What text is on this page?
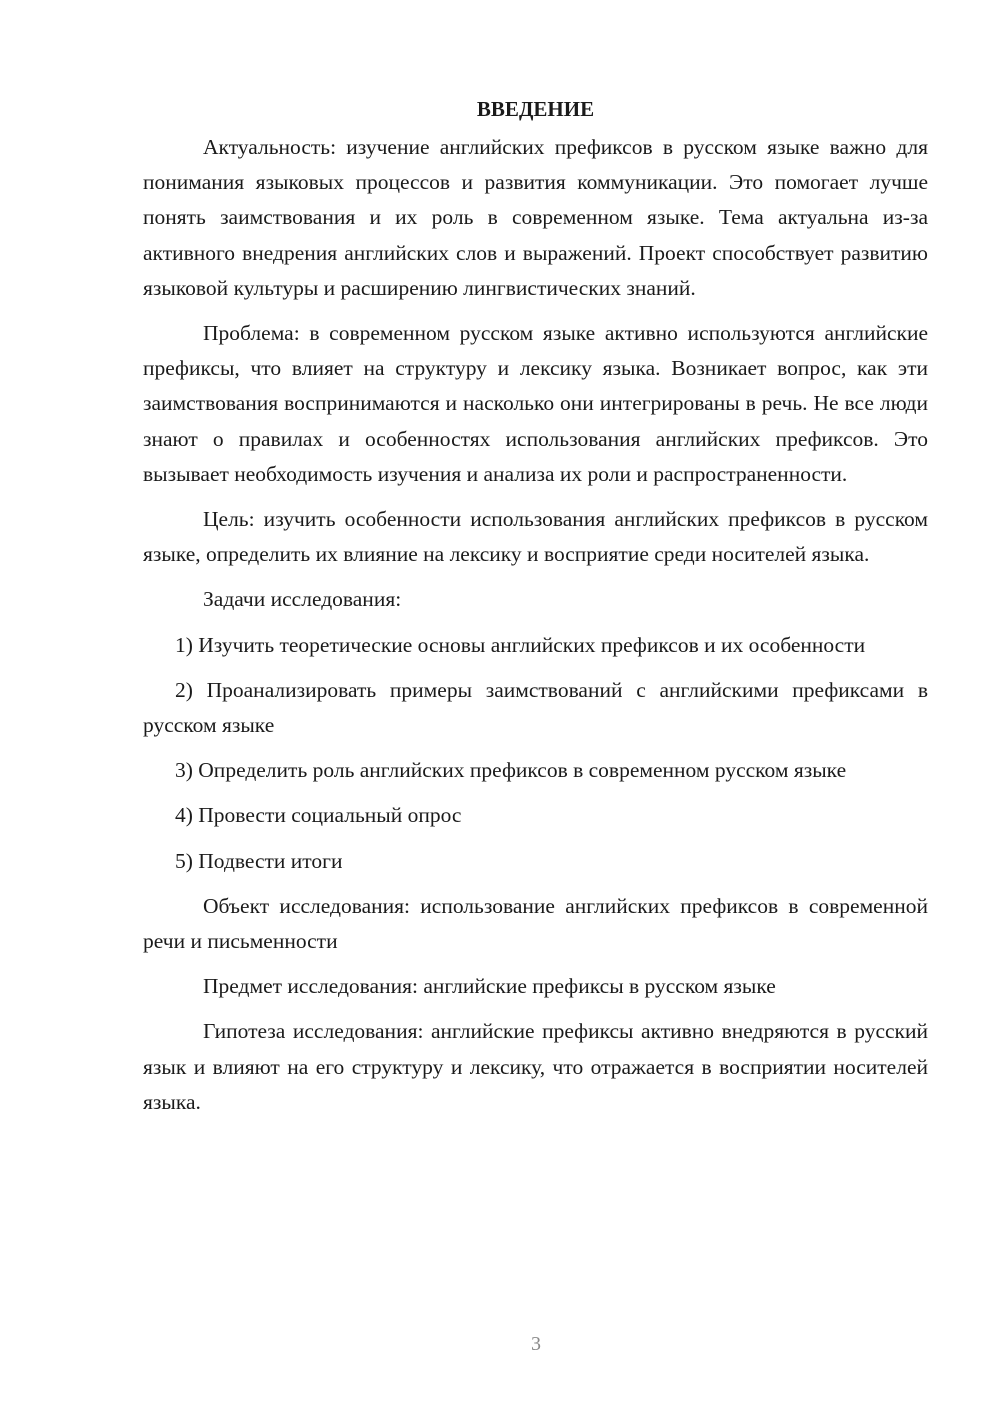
ВВЕДЕНИЕ

Актуальность: изучение английских префиксов в русском языке важно для понимания языковых процессов и развития коммуникации. Это помогает лучше понять заимствования и их роль в современном языке. Тема актуальна из-за активного внедрения английских слов и выражений. Проект способствует развитию языковой культуры и расширению лингвистических знаний.

Проблема: в современном русском языке активно используются английские префиксы, что влияет на структуру и лексику языка. Возникает вопрос, как эти заимствования воспринимаются и насколько они интегрированы в речь. Не все люди знают о правилах и особенностях использования английских префиксов. Это вызывает необходимость изучения и анализа их роли и распространенности.

Цель: изучить особенности использования английских префиксов в русском языке, определить их влияние на лексику и восприятие среди носителей языка.

Задачи исследования:

1) Изучить теоретические основы английских префиксов и их особенности

2) Проанализировать примеры заимствований с английскими префиксами в русском языке

3) Определить роль английских префиксов в современном русском языке

4) Провести социальный опрос

5) Подвести итоги

Объект исследования: использование английских префиксов в современной речи и письменности

Предмет исследования: английские префиксы в русском языке

Гипотеза исследования: английские префиксы активно внедряются в русский язык и влияют на его структуру и лексику, что отражается в восприятии носителей языка.

3
